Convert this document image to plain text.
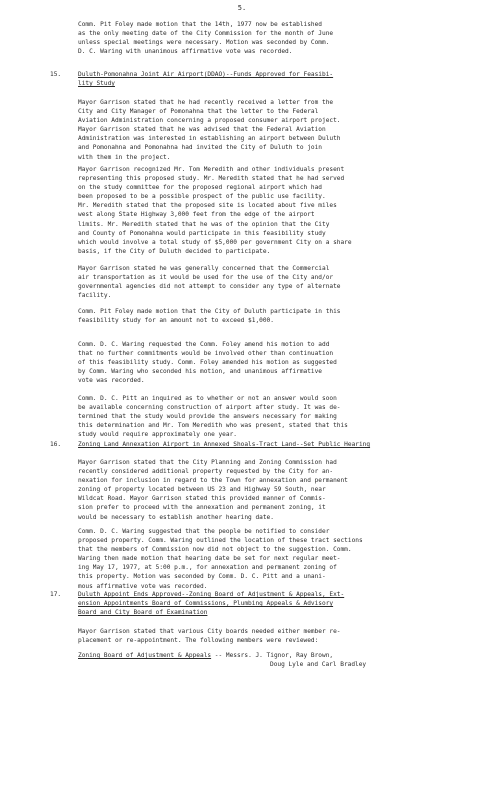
5.
Comm. Pit Foley made motion that the 14th, 1977 now be established
as the only meeting date of the City Commission for the month of June
unless special meetings were necessary. Motion was seconded by Comm.
D. C. Waring with unanimous affirmative vote was recorded.
15.	Duluth-Pomonahna Joint Air Airport(DDAO)--Funds Approved for Feasibi-
lity Study
Mayor Garrison stated that he had recently received a letter from the
City and City Manager of Pomonahna that the letter to the Federal
Aviation Administration concerning a proposed consumer airport project.
Mayor Garrison stated that he was advised that the Federal Aviation
Administration was interested in establishing an airport between Duluth
and Pomonahna and Pomonahna had invited the City of Duluth to join
with them in the project.
Mayor Garrison recognized Mr. Tom Meredith and other individuals present
representing this proposed study. Mr. Meredith stated that he had served
on the study committee for the proposed regional airport which had
been proposed to be a possible prospect of the public use facility.
Mr. Meredith stated that the proposed site is located about five miles
west along State Highway 3,000 feet from the edge of the airport
limits. Mr. Meredith stated that he was of the opinion that the City
and County of Pomonahna would participate in this feasibility study
which would involve a total study of $5,000 per government City on a share
basis, if the City of Duluth decided to participate.
Mayor Garrison stated he was generally concerned that the Commercial
air transportation as it would be used for the use of the City and/or
governmental agencies did not attempt to consider any type of alternate
facility.
Comm. Pit Foley made motion that the City of Duluth participate in this
feasibility study for an amount not to exceed $1,000.
Comm. D. C. Waring requested the Comm. Foley amend his motion to add
that no further commitments would be involved other than continuation
of this feasibility study. Comm. Foley amended his motion as suggested
by Comm. Waring who seconded his motion, and unanimous affirmative
vote was recorded.
Comm. D. C. Pitt an inquired as to whether or not an answer would soon
be available concerning construction of airport after study. It was de-
termined that the study would provide the answers necessary for making
this determination and Mr. Tom Meredith who was present, stated that this
study would require approximately one year.
16.	Zoning Land Annexation Airport in Annexed Shoals-Tract Land--Set Public Hearing
Mayor Garrison stated that the City Planning and Zoning Commission had
recently considered additional property requested by the City for an-
nexation for inclusion in regard to the Town for annexation and permanent
zoning of property located between US 23 and Highway 59 South, near
Wildcat Road. Mayor Garrison stated this provided manner of Commis-
sion prefer to proceed with the annexation and permanent zoning, it
would be necessary to establish another hearing date.
Comm. D. C. Waring suggested that the people be notified to consider
proposed property. Comm. Waring outlined the location of these tract sections
that the members of Commission now did not object to the suggestion. Comm.
Waring then made motion that hearing date be set for next regular meet-
ing May 17, 1977, at 5:00 p.m., for annexation and permanent zoning of
this property. Motion was seconded by Comm. D. C. Pitt and a unani-
mous affirmative vote was recorded.
17.	Duluth Appoint Ends Approved--Zoning Board of Adjustment & Appeals, Ext-
ension Appointments Board of Commissions, Plumbing Appeals & Advisory
Board and City Board of Examination
Mayor Garrison stated that various City boards needed either member re-
placement or re-appointment. The following members were reviewed:
Zoning Board of Adjustment & Appeals -- Messrs. J. Tignor, Ray Brown,
Doug Lyle and Carl Bradley
